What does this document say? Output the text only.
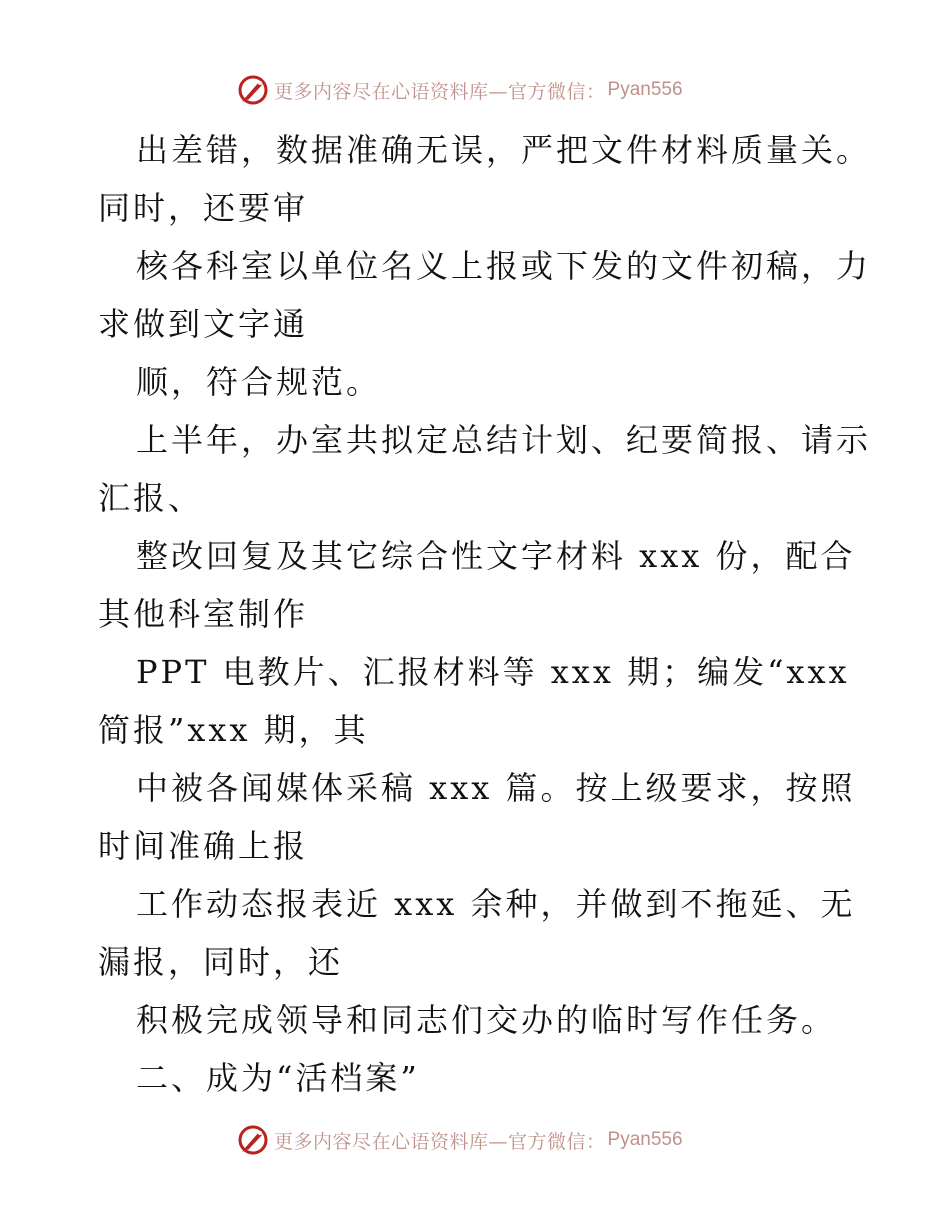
更多内容尽在心语资料库—官方微信： Pyan556
出差错，数据准确无误，严把文件材料质量关。
同时，还要审
核各科室以单位名义上报或下发的文件初稿，力
求做到文字通
顺，符合规范。
上半年，办室共拟定总结计划、纪要简报、请示
汇报、
整改回复及其它综合性文字材料 xxx 份，配合
其他科室制作
PPT 电教片、汇报材料等 xxx 期；编发“xxx
简报”xxx 期，其
中被各闻媒体采稿 xxx 篇。按上级要求，按照
时间准确上报
工作动态报表近 xxx 余种，并做到不拖延、无
漏报，同时，还
积极完成领导和同志们交办的临时写作任务。
二、成为“活档案”
更多内容尽在心语资料库—官方微信： Pyan556
